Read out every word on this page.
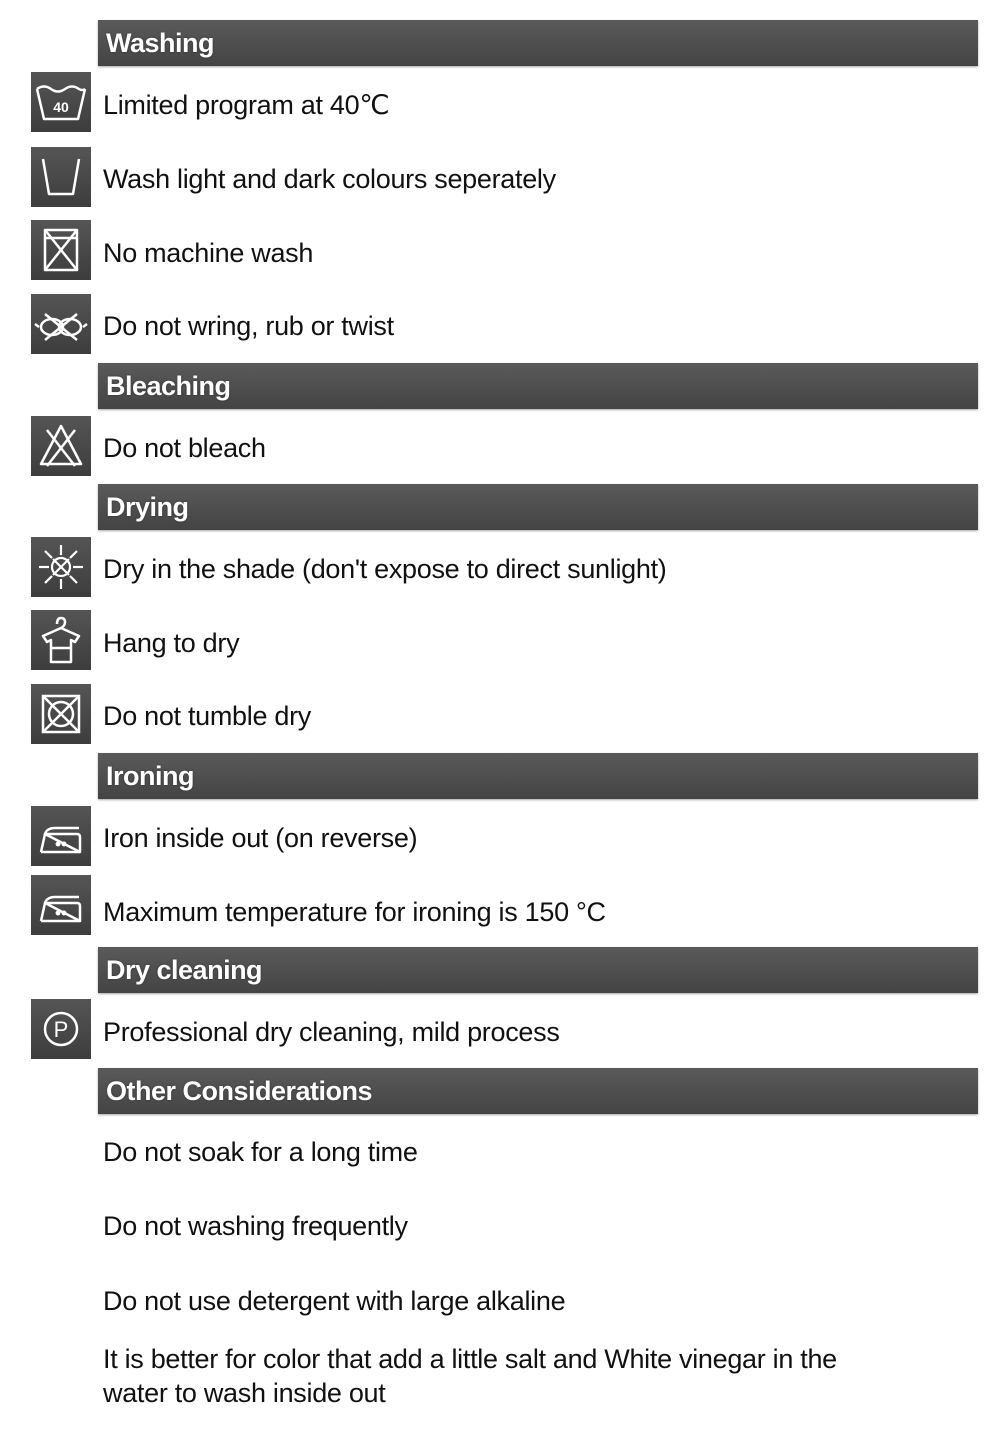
Washing
40 Limited program at 40℃
Wash light and dark colours seperately
No machine wash
Do not wring, rub or twist
Bleaching
Do not bleach
Drying
Dry in the shade (don't expose to direct sunlight)
Hang to dry
Do not tumble dry
Ironing
Iron inside out (on reverse)
Maximum temperature for ironing is 150 °C
Dry cleaning
P Professional dry cleaning, mild process
Other Considerations
Do not soak for a long time
Do not washing frequently
Do not use detergent with large alkaline
It is better for color that add a little salt and White vinegar in the water to wash inside out
